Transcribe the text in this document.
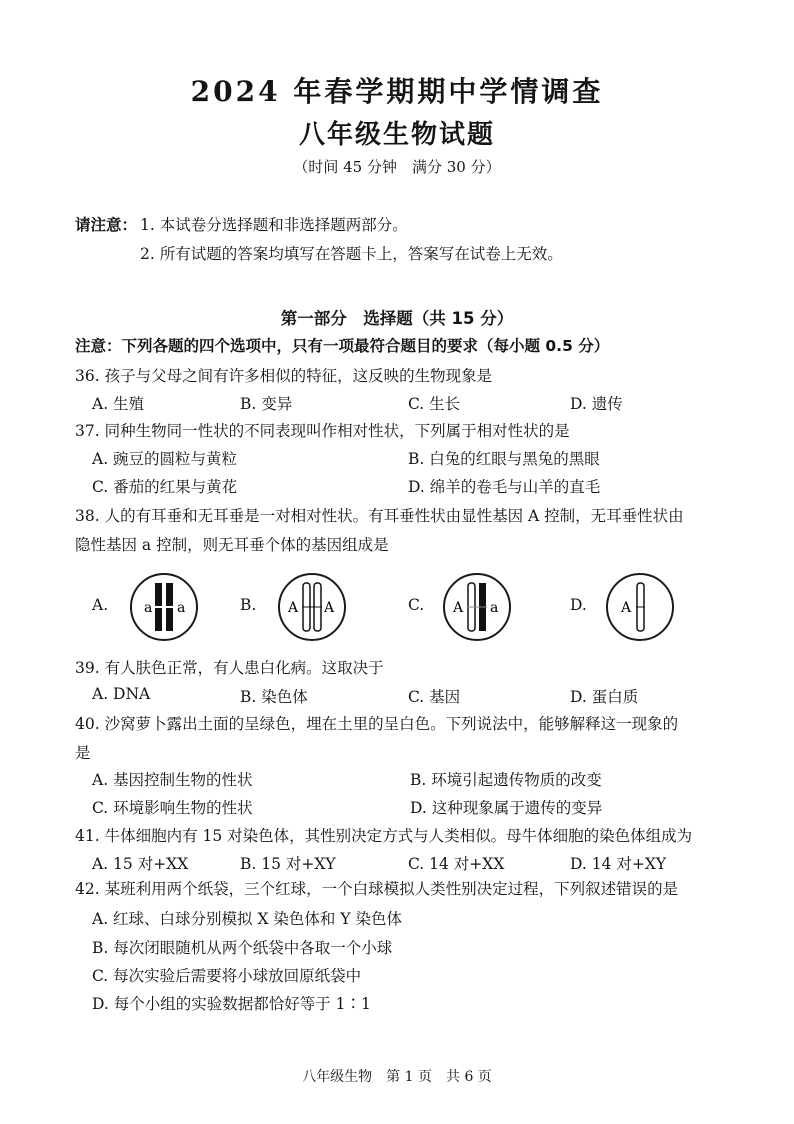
2024 年春学期期中学情调查
八年级生物试题
（时间 45 分钟　满分 30 分）
请注意： 1. 本试卷分选择题和非选择题两部分。
2. 所有试题的答案均填写在答题卡上，答案写在试卷上无效。
第一部分　选择题（共 15 分）
注意：下列各题的四个选项中，只有一项最符合题目的要求（每小题 0.5 分）
36. 孩子与父母之间有许多相似的特征，这反映的生物现象是
A. 生殖	B. 变异	C. 生长	D. 遗传
37. 同种生物同一性状的不同表现叫作相对性状，下列属于相对性状的是
A. 豌豆的圆粒与黄粒	B. 白兔的红眼与黑兔的黑眼
C. 番茄的红果与黄花	D. 绵羊的卷毛与山羊的直毛
38. 人的有耳垂和无耳垂是一对相对性状。有耳垂性状由显性基因 A 控制，无耳垂性状由
隐性基因 a 控制，则无耳垂个体的基因组成是
A.	a a	B. A A	C. A a	D. A
39. 有人肤色正常，有人患白化病。这取决于
A. DNA	B. 染色体	C. 基因	D. 蛋白质
40. 沙窝萝卜露出土面的呈绿色，埋在土里的呈白色。下列说法中，能够解释这一现象的
是
A. 基因控制生物的性状	B. 环境引起遗传物质的改变
C. 环境影响生物的性状	D. 这种现象属于遗传的变异
41. 牛体细胞内有 15 对染色体，其性别决定方式与人类相似。母牛体细胞的染色体组成为
A. 15 对+XX	B. 15 对+XY	C. 14 对+XX	D. 14 对+XY
42. 某班利用两个纸袋，三个红球，一个白球模拟人类性别决定过程，下列叙述错误的是
A. 红球、白球分别模拟 X 染色体和 Y 染色体
B. 每次闭眼随机从两个纸袋中各取一个小球
C. 每次实验后需要将小球放回原纸袋中
D. 每个小组的实验数据都恰好等于 1∶1
八年级生物　第 1 页　共 6 页
